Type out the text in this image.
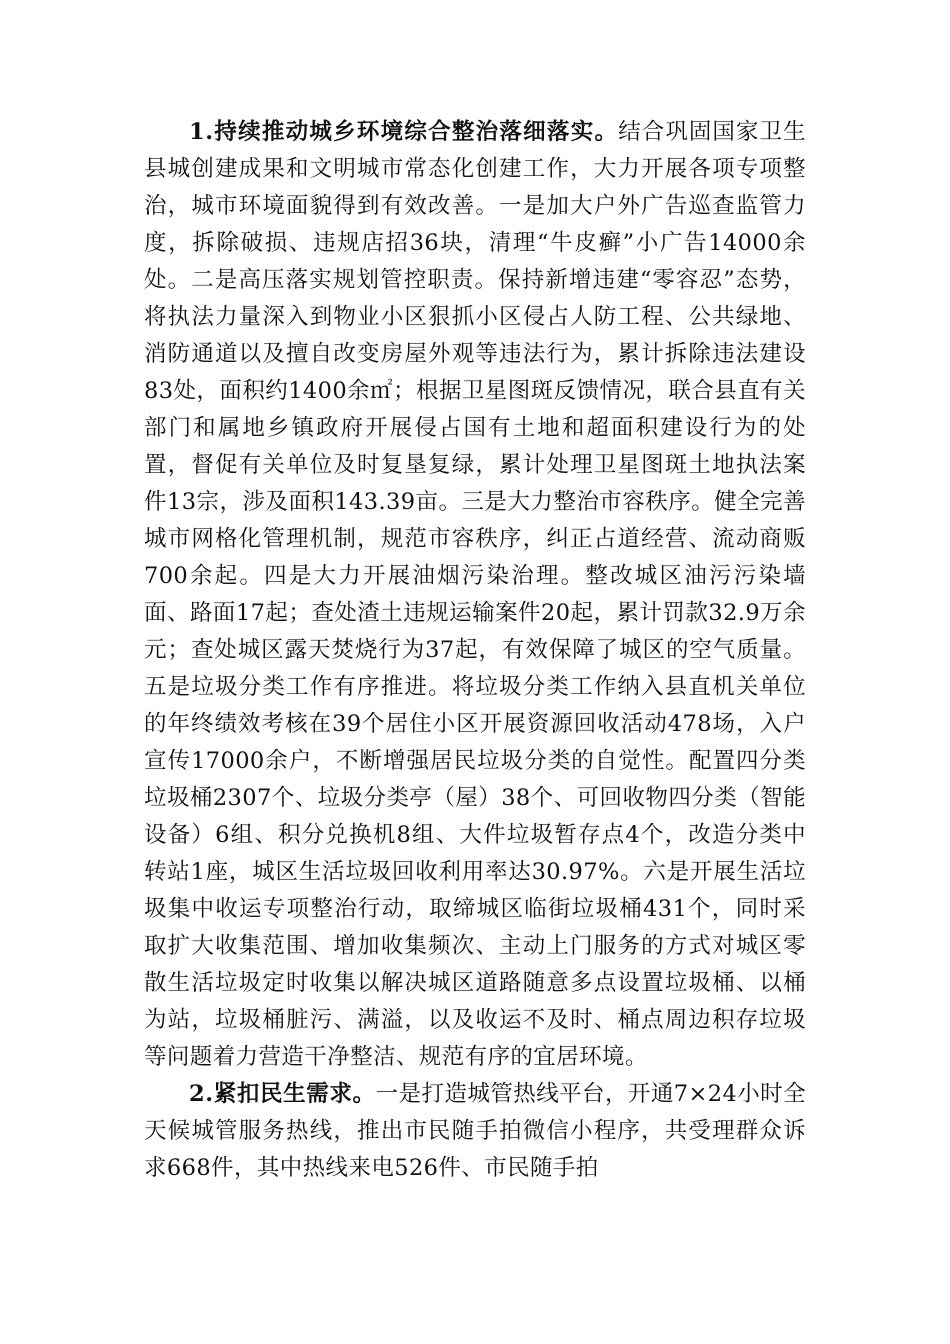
1.持续推动城乡环境综合整治落细落实。结合巩固国家卫生县城创建成果和文明城市常态化创建工作，大力开展各项专项整治，城市环境面貌得到有效改善。一是加大户外广告巡查监管力度，拆除破损、违规店招36块，清理“牛皮癣”小广告14000余处。二是高压落实规划管控职责。保持新增违建“零容忍”态势，将执法力量深入到物业小区狠抓小区侵占人防工程、公共绿地、消防通道以及擅自改变房屋外观等违法行为，累计拆除违法建设83处，面积约1400余㎡；根据卫星图斑反馈情况，联合县直有关部门和属地乡镇政府开展侵占国有土地和超面积建设行为的处置，督促有关单位及时复垦复绿，累计处理卫星图斑土地执法案件13宗，涉及面积143.39亩。三是大力整治市容秩序。健全完善城市网格化管理机制，规范市容秩序，纠正占道经营、流动商贩700余起。四是大力开展油烟污染治理。整改城区油污污染墙面、路面17起；查处渣土违规运输案件20起，累计罚款32.9万余元；查处城区露天焚烧行为37起，有效保障了城区的空气质量。五是垃圾分类工作有序推进。将垃圾分类工作纳入县直机关单位的年终绩效考核在39个居住小区开展资源回收活动478场，入户宣传17000余户，不断增强居民垃圾分类的自觉性。配置四分类垃圾桶2307个、垃圾分类亭（屋）38个、可回收物四分类（智能设备）6组、积分兑换机8组、大件垃圾暂存点4个，改造分类中转站1座，城区生活垃圾回收利用率达30.97%。六是开展生活垃圾集中收运专项整治行动，取缔城区临街垃圾桶431个，同时采取扩大收集范围、增加收集频次、主动上门服务的方式对城区零散生活垃圾定时收集以解决城区道路随意多点设置垃圾桶、以桶为站，垃圾桶脏污、满溢，以及收运不及时、桶点周边积存垃圾等问题着力营造干净整洁、规范有序的宜居环境。

2.紧扣民生需求。一是打造城管热线平台，开通7×24小时全天候城管服务热线，推出市民随手拍微信小程序，共受理群众诉求668件，其中热线来电526件、市民随手拍
